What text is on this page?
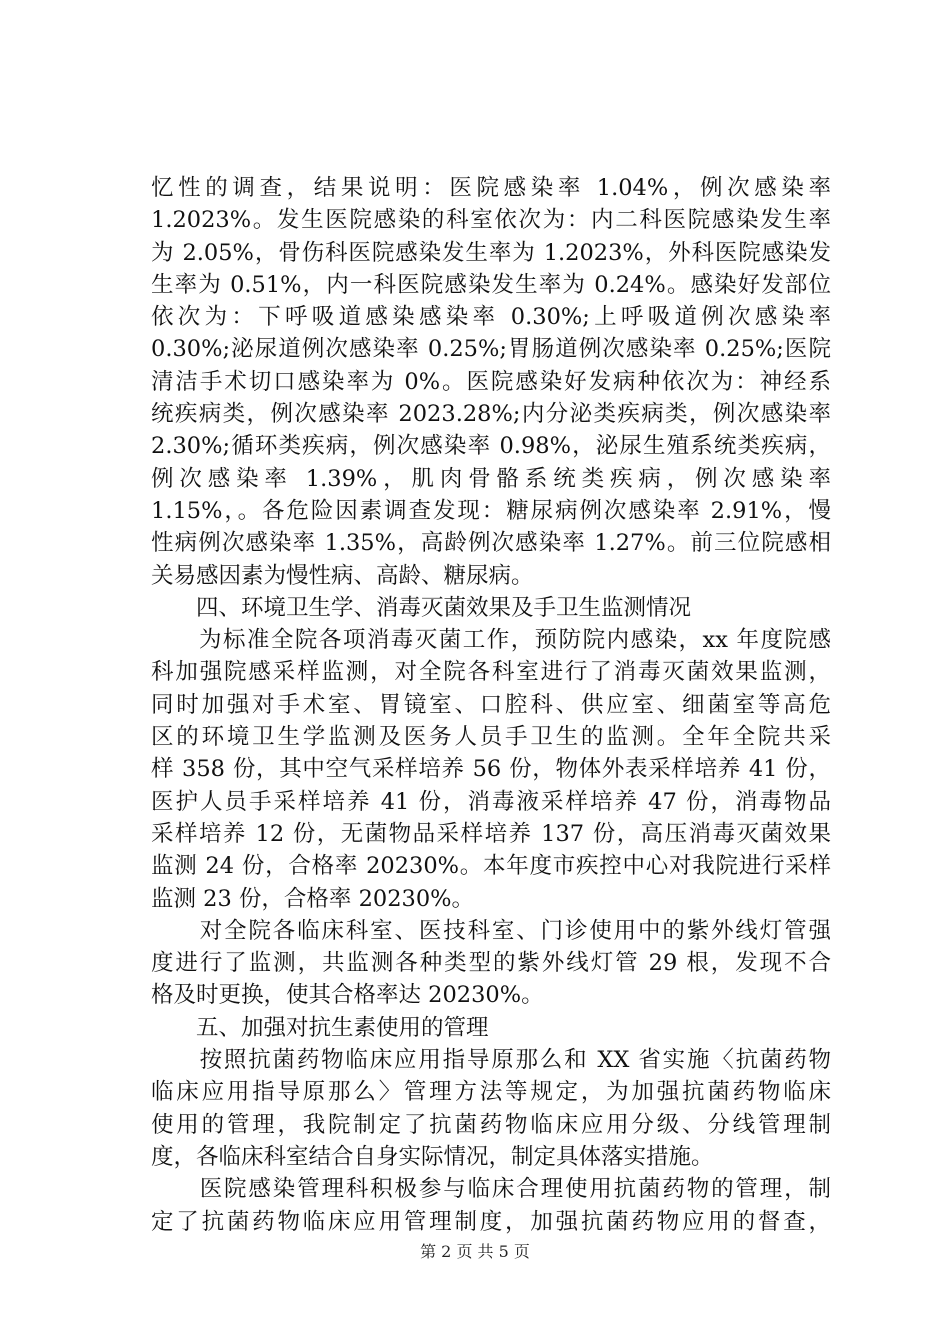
忆性的调查，结果说明：医院感染率 1.04%，例次感染率
1.2023%。发生医院感染的科室依次为：内二科医院感染发生率
为 2.05%，骨伤科医院感染发生率为 1.2023%，外科医院感染发
生率为 0.51%，内一科医院感染发生率为 0.24%。感染好发部位
依次为：下呼吸道感染感染率 0.30%;上呼吸道例次感染率
0.30%;泌尿道例次感染率 0.25%;胃肠道例次感染率 0.25%;医院
清洁手术切口感染率为 0%。医院感染好发病种依次为：神经系
统疾病类，例次感染率 2023.28%;内分泌类疾病类，例次感染率
2.30%;循环类疾病，例次感染率 0.98%，泌尿生殖系统类疾病，
例次感染率 1.39%，肌肉骨骼系统类疾病，例次感染率
1.15%，。各危险因素调查发现：糖尿病例次感染率 2.91%，慢
性病例次感染率 1.35%，高龄例次感染率 1.27%。前三位院感相
关易感因素为慢性病、高龄、糖尿病。
　　四、环境卫生学、消毒灭菌效果及手卫生监测情况
　　为标准全院各项消毒灭菌工作，预防院内感染，xx 年度院感
科加强院感采样监测，对全院各科室进行了消毒灭菌效果监测，
同时加强对手术室、胃镜室、口腔科、供应室、细菌室等高危
区的环境卫生学监测及医务人员手卫生的监测。全年全院共采
样 358 份，其中空气采样培养 56 份，物体外表采样培养 41 份，
医护人员手采样培养 41 份，消毒液采样培养 47 份，消毒物品
采样培养 12 份，无菌物品采样培养 137 份，高压消毒灭菌效果
监测 24 份，合格率 20230%。本年度市疾控中心对我院进行采样
监测 23 份，合格率 20230%。
　　对全院各临床科室、医技科室、门诊使用中的紫外线灯管强
度进行了监测，共监测各种类型的紫外线灯管 29 根，发现不合
格及时更换，使其合格率达 20230%。
　　五、加强对抗生素使用的管理
　　按照抗菌药物临床应用指导原那么和 XX 省实施〈抗菌药物
临床应用指导原那么〉管理方法等规定，为加强抗菌药物临床
使用的管理，我院制定了抗菌药物临床应用分级、分线管理制
度，各临床科室结合自身实际情况，制定具体落实措施。
　　医院感染管理科积极参与临床合理使用抗菌药物的管理，制
定了抗菌药物临床应用管理制度，加强抗菌药物应用的督查，
第 2 页 共 5 页
